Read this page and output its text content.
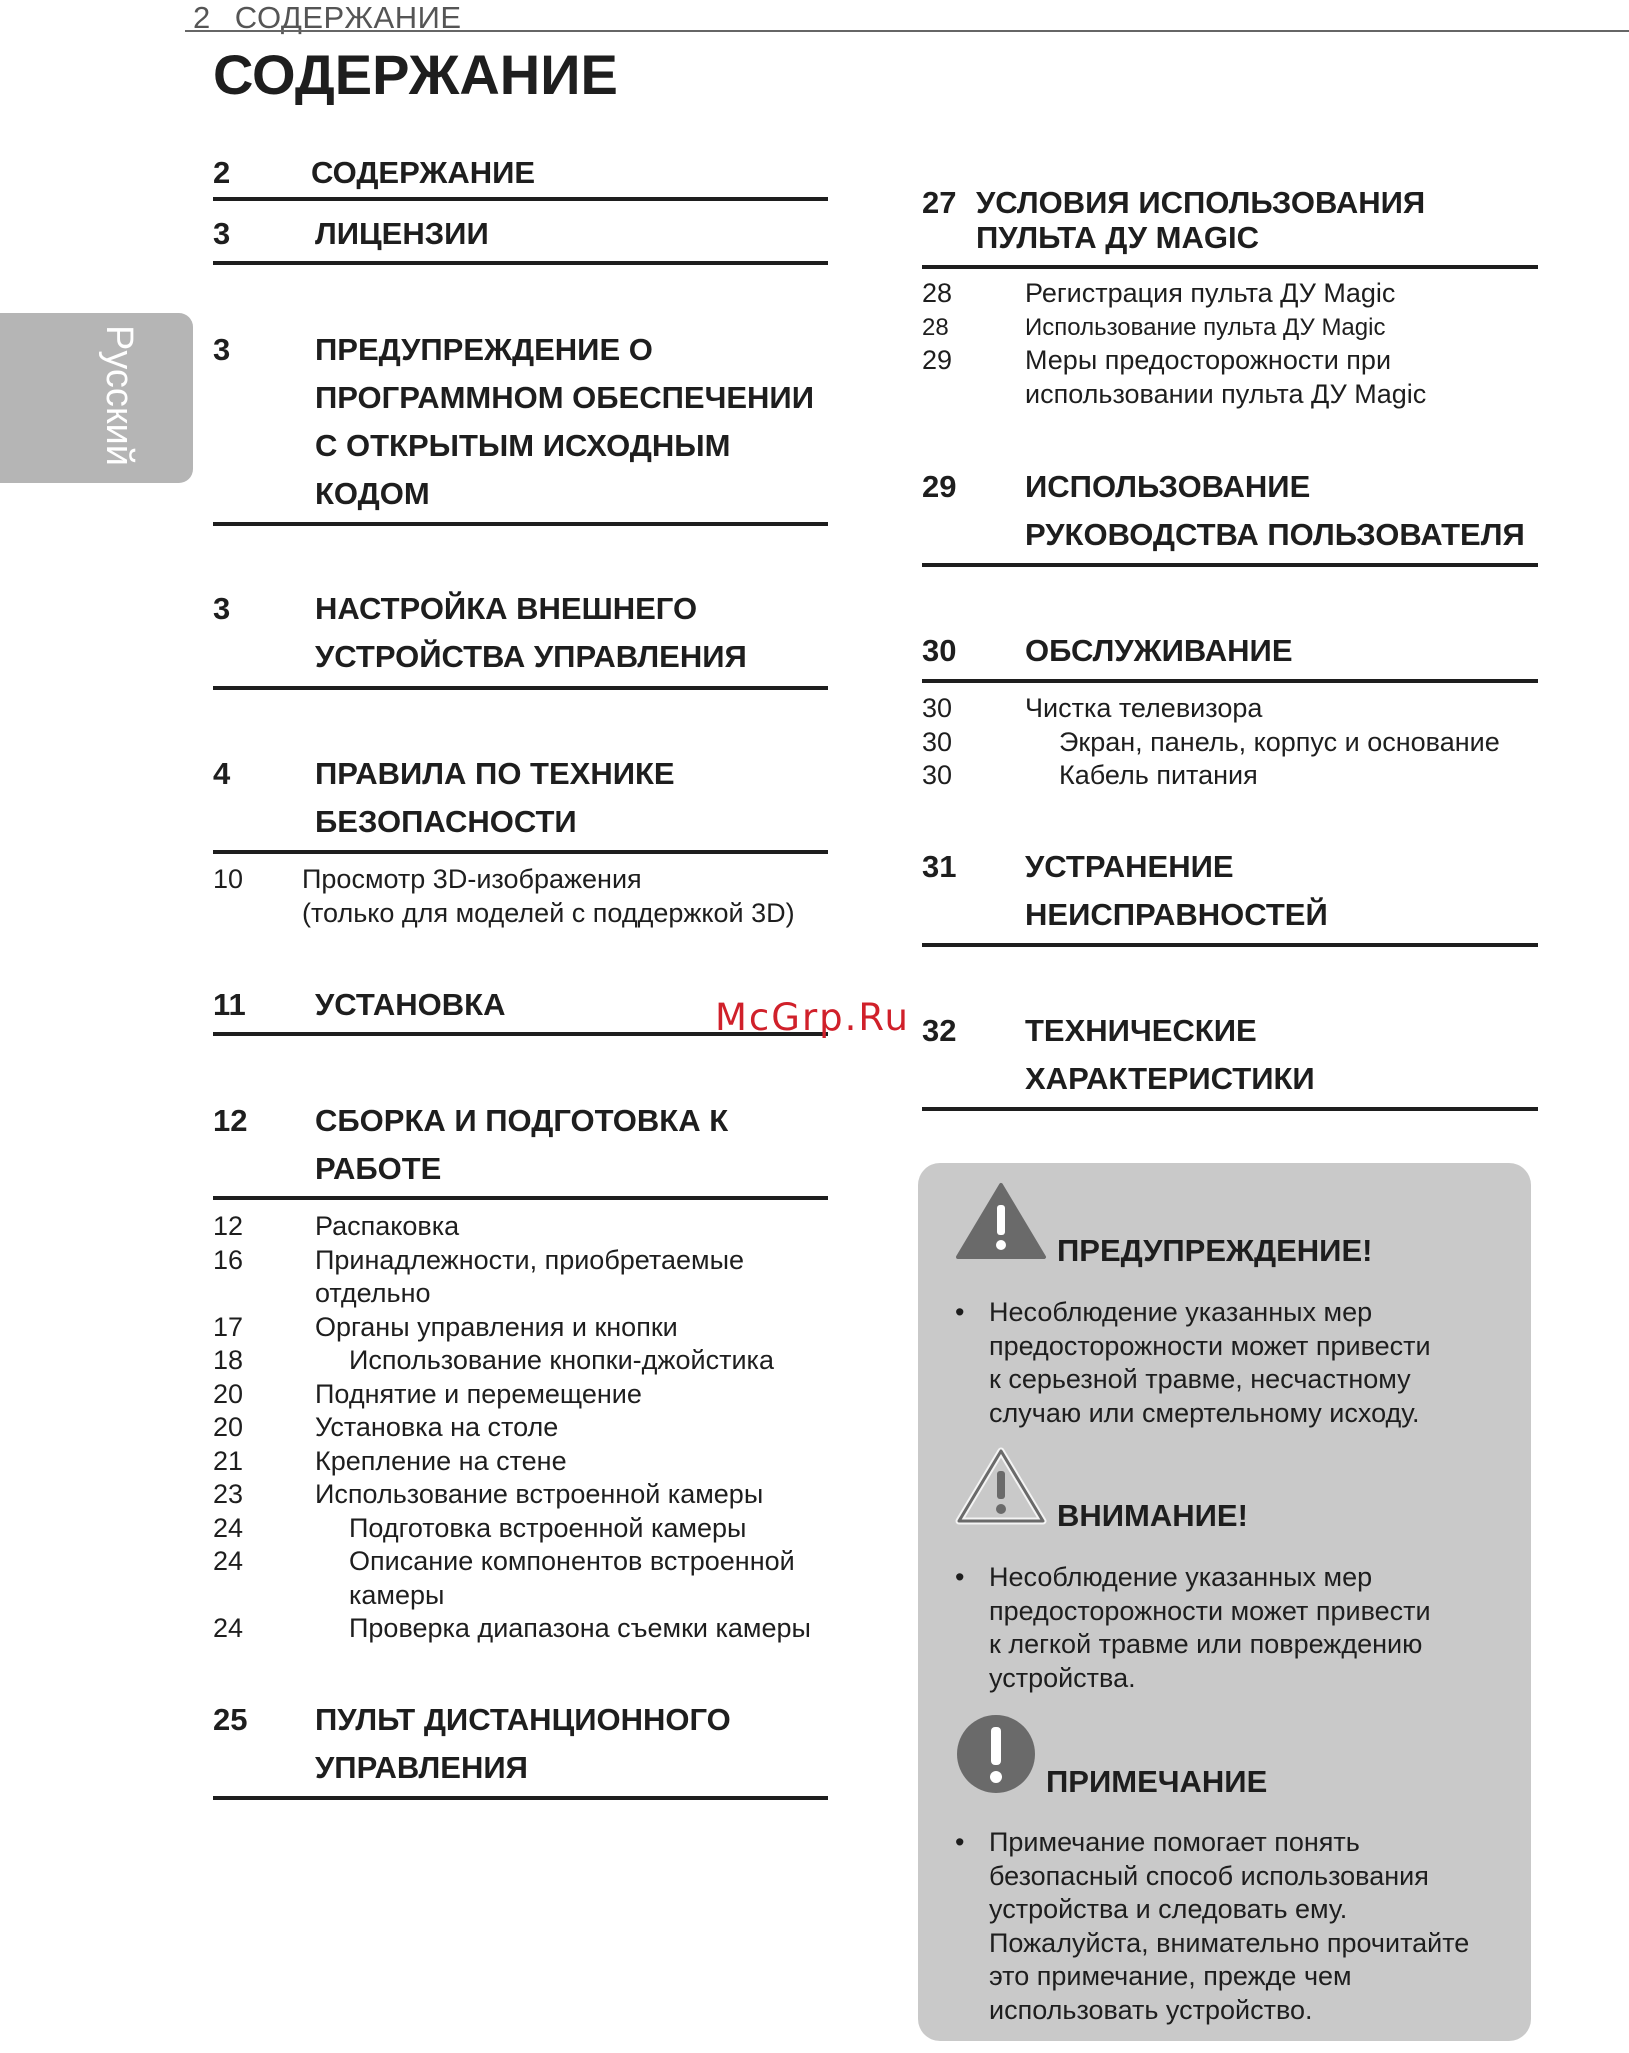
2 СОДЕРЖАНИЕ
Русский
СОДЕРЖАНИЕ
2	СОДЕРЖАНИЕ
3	ЛИЦЕНЗИИ
3	ПРЕДУПРЕЖДЕНИЕ О
ПРОГРАММНОМ ОБЕСПЕЧЕНИИ
С ОТКРЫТЫМ ИСХОДНЫМ
КОДОМ
3	НАСТРОЙКА ВНЕШНЕГО
УСТРОЙСТВА УПРАВЛЕНИЯ
4	ПРАВИЛА ПО ТЕХНИКЕ
БЕЗОПАСНОСТИ
10 Просмотр 3D-изображения
(только для моделей с поддержкой 3D)
11 УСТАНОВКА
12 СБОРКА И ПОДГОТОВКА К
РАБОТЕ
12	Распаковка
16	Принадлежности, приобретаемые
отдельно
17	Органы управления и кнопки
18	Использование кнопки-джойстика
20	Поднятие и перемещение
20	Установка на столе
21	Крепление на стене
23	Использование встроенной камеры
24	Подготовка встроенной камеры
24	Описание компонентов встроенной
камеры
24	Проверка диапазона съемки камеры
25 ПУЛЬТ ДИСТАНЦИОННОГО
УПРАВЛЕНИЯ
27 УСЛОВИЯ ИСПОЛЬЗОВАНИЯ
ПУЛЬТА ДУ MAGIC
28	Регистрация пульта ДУ Magic
28	Использование пульта ДУ Magic
29	Меры предосторожности при
использовании пульта ДУ Magic
29 ИСПОЛЬЗОВАНИЕ
РУКОВОДСТВА ПОЛЬЗОВАТЕЛЯ
30 ОБСЛУЖИВАНИЕ
30	Чистка телевизора
30	Экран, панель, корпус и основание
30	Кабель питания
31 УСТРАНЕНИЕ
НЕИСПРАВНОСТЕЙ
32 ТЕХНИЧЕСКИЕ
ХАРАКТЕРИСТИКИ
ПРЕДУПРЕЖДЕНИЕ!
• Несоблюдение указанных мер
предосторожности может привести
к серьезной травме, несчастному
случаю или смертельному исходу.
ВНИМАНИЕ!
• Несоблюдение указанных мер
предосторожности может привести
к легкой травме или повреждению
устройства.
ПРИМЕЧАНИЕ
• Примечание помогает понять
безопасный способ использования
устройства и следовать ему.
Пожалуйста, внимательно прочитайте
это примечание, прежде чем
использовать устройство.
McGrp.Ru
